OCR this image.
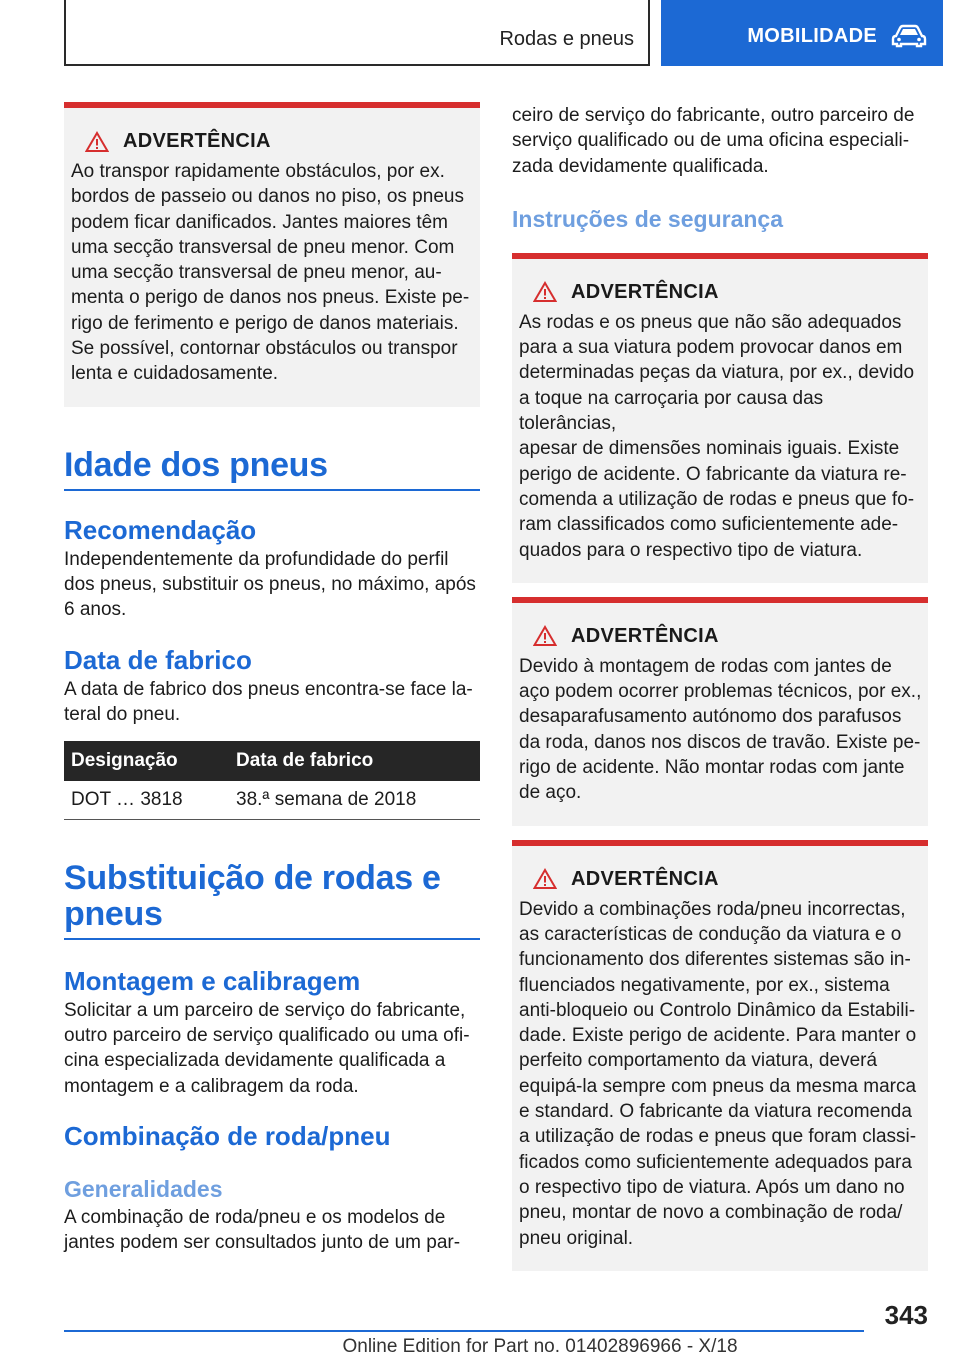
Rodas e pneus	MOBILIDADE
ADVERTÊNCIA

Ao transpor rapidamente obstáculos, por ex.
bordos de passeio ou danos no piso, os pneus
podem ficar danificados. Jantes maiores têm
uma secção transversal de pneu menor. Com
uma secção transversal de pneu menor, au-
menta o perigo de danos nos pneus. Existe pe-
rigo de ferimento e perigo de danos materiais.
Se possível, contornar obstáculos ou transpor
lenta e cuidadosamente.

Idade dos pneus
Recomendação

Independentemente da profundidade do perfil
dos pneus, substituir os pneus, no máximo, após
6 anos.

Data de fabrico

A data de fabrico dos pneus encontra-se face la-
teral do pneu.

Designação	Data de fabrico
DOT … 3818	38.ª semana de 2018
Substituição de rodas e
pneus
Montagem e calibragem

Solicitar a um parceiro de serviço do fabricante,
outro parceiro de serviço qualificado ou uma ofi-
cina especializada devidamente qualificada a
montagem e a calibragem da roda.

Combinação de roda/pneu
Generalidades

A combinação de roda/pneu e os modelos de
jantes podem ser consultados junto de um par-

ceiro de serviço do fabricante, outro parceiro de
serviço qualificado ou de uma oficina especiali-
zada devidamente qualificada.

Instruções de segurança
ADVERTÊNCIA

As rodas e os pneus que não são adequados
para a sua viatura podem provocar danos em
determinadas peças da viatura, por ex., devido
a toque na carroçaria por causa das tolerâncias,
apesar de dimensões nominais iguais. Existe
perigo de acidente. O fabricante da viatura re-
comenda a utilização de rodas e pneus que fo-
ram classificados como suficientemente ade-
quados para o respectivo tipo de viatura.

ADVERTÊNCIA

Devido à montagem de rodas com jantes de
aço podem ocorrer problemas técnicos, por ex.,
desaparafusamento autónomo dos parafusos
da roda, danos nos discos de travão. Existe pe-
rigo de acidente. Não montar rodas com jante
de aço.

ADVERTÊNCIA

Devido a combinações roda/pneu incorrectas,
as características de condução da viatura e o
funcionamento dos diferentes sistemas são in-
fluenciados negativamente, por ex., sistema
anti-bloqueio ou Controlo Dinâmico da Estabili-
dade. Existe perigo de acidente. Para manter o
perfeito comportamento da viatura, deverá
equipá-la sempre com pneus da mesma marca
e standard. O fabricante da viatura recomenda
a utilização de rodas e pneus que foram classi-
ficados como suficientemente adequados para
o respectivo tipo de viatura. Após um dano no
pneu, montar de novo a combinação de roda/
pneu original.

343
Online Edition for Part no. 01402896966 - X/18
